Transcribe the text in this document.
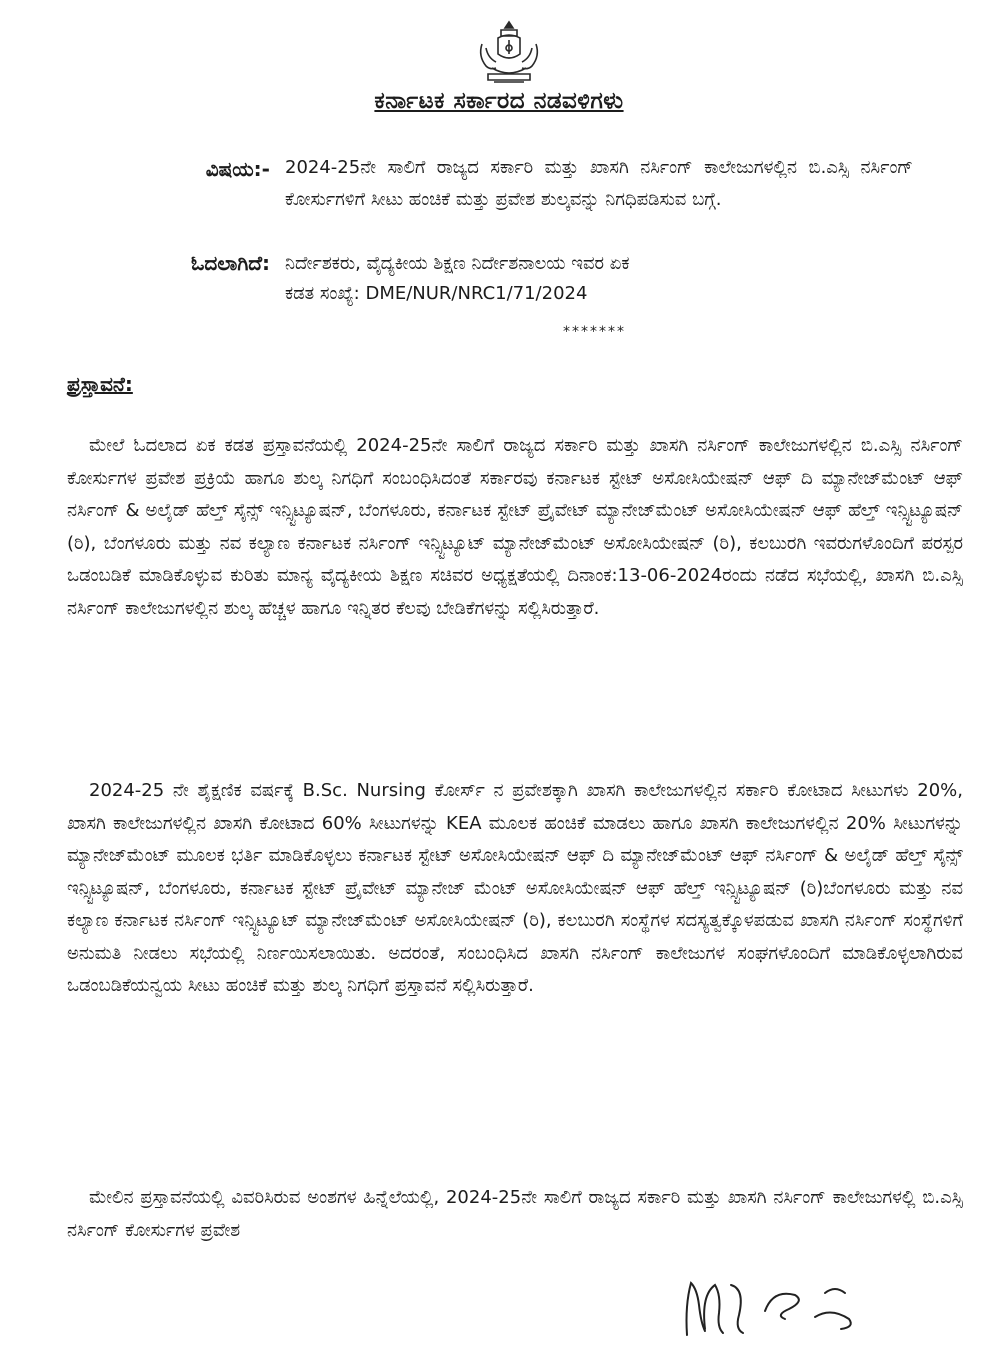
ಕರ್ನಾಟಕ ಸರ್ಕಾರದ ನಡವಳಿಗಳು
ವಿಷಯ:- 2024-25ನೇ ಸಾಲಿಗೆ ರಾಜ್ಯದ ಸರ್ಕಾರಿ ಮತ್ತು ಖಾಸಗಿ ನರ್ಸಿಂಗ್ ಕಾಲೇಜುಗಳಲ್ಲಿನ ಬಿ.ಎಸ್ಸಿ ನರ್ಸಿಂಗ್ ಕೋರ್ಸುಗಳಿಗೆ ಸೀಟು ಹಂಚಿಕೆ ಮತ್ತು ಪ್ರವೇಶ ಶುಲ್ಕವನ್ನು ನಿಗಧಿಪಡಿಸುವ ಬಗ್ಗೆ.
ಓದಲಾಗಿದೆ: ನಿರ್ದೇಶಕರು, ವೈದ್ಯಕೀಯ ಶಿಕ್ಷಣ ನಿರ್ದೇಶನಾಲಯ ಇವರ ಏಕ
ಕಡತ ಸಂಖ್ಯೆ: DME/NUR/NRC1/71/2024
*******
ಪ್ರಸ್ತಾವನೆ:
ಮೇಲೆ ಓದಲಾದ ಏಕ ಕಡತ ಪ್ರಸ್ತಾವನೆಯಲ್ಲಿ 2024-25ನೇ ಸಾಲಿಗೆ ರಾಜ್ಯದ ಸರ್ಕಾರಿ ಮತ್ತು ಖಾಸಗಿ ನರ್ಸಿಂಗ್ ಕಾಲೇಜುಗಳಲ್ಲಿನ ಬಿ.ಎಸ್ಸಿ ನರ್ಸಿಂಗ್ ಕೋರ್ಸುಗಳ ಪ್ರವೇಶ ಪ್ರಕ್ರಿಯೆ ಹಾಗೂ ಶುಲ್ಕ ನಿಗಧಿಗೆ ಸಂಬಂಧಿಸಿದಂತೆ ಸರ್ಕಾರವು ಕರ್ನಾಟಕ ಸ್ಟೇಟ್ ಅಸೋಸಿಯೇಷನ್ ಆಫ್ ದಿ ಮ್ಯಾನೇಜ್‌ಮೆಂಟ್ ಆಫ್ ನರ್ಸಿಂಗ್ & ಅಲೈಡ್ ಹೆಲ್ತ್ ಸೈನ್ಸ್ ಇನ್ಸ್ಟಿಟ್ಯೂಷನ್, ಬೆಂಗಳೂರು, ಕರ್ನಾಟಕ ಸ್ಟೇಟ್ ಪ್ರೈವೇಟ್ ಮ್ಯಾನೇಜ್‌ಮೆಂಟ್ ಅಸೋಸಿಯೇಷನ್ ಆಫ್ ಹೆಲ್ತ್ ಇನ್ಸ್ಟಿಟ್ಯೂಷನ್ (ರಿ), ಬೆಂಗಳೂರು ಮತ್ತು ನವ ಕಲ್ಯಾಣ ಕರ್ನಾಟಕ ನರ್ಸಿಂಗ್ ಇನ್ಸ್ಟಿಟ್ಯೂಟ್ ಮ್ಯಾನೇಜ್‌ಮೆಂಟ್ ಅಸೋಸಿಯೇಷನ್ (ರಿ), ಕಲಬುರಗಿ ಇವರುಗಳೊಂದಿಗೆ ಪರಸ್ಪರ ಒಡಂಬಡಿಕೆ ಮಾಡಿಕೊಳ್ಳುವ ಕುರಿತು ಮಾನ್ಯ ವೈದ್ಯಕೀಯ ಶಿಕ್ಷಣ ಸಚಿವರ ಅಧ್ಯಕ್ಷತೆಯಲ್ಲಿ ದಿನಾಂಕ:13-06-2024ರಂದು ನಡೆದ ಸಭೆಯಲ್ಲಿ, ಖಾಸಗಿ ಬಿ.ಎಸ್ಸಿ ನರ್ಸಿಂಗ್ ಕಾಲೇಜುಗಳಲ್ಲಿನ ಶುಲ್ಕ ಹೆಚ್ಚಳ ಹಾಗೂ ಇನ್ನಿತರ ಕೆಲವು ಬೇಡಿಕೆಗಳನ್ನು ಸಲ್ಲಿಸಿರುತ್ತಾರೆ.
2024-25 ನೇ ಶೈಕ್ಷಣಿಕ ವರ್ಷಕ್ಕೆ B.Sc. Nursing ಕೋರ್ಸ್ ನ ಪ್ರವೇಶಕ್ಕಾಗಿ ಖಾಸಗಿ ಕಾಲೇಜುಗಳಲ್ಲಿನ ಸರ್ಕಾರಿ ಕೋಟಾದ ಸೀಟುಗಳು 20%, ಖಾಸಗಿ ಕಾಲೇಜುಗಳಲ್ಲಿನ ಖಾಸಗಿ ಕೋಟಾದ 60% ಸೀಟುಗಳನ್ನು KEA ಮೂಲಕ ಹಂಚಿಕೆ ಮಾಡಲು ಹಾಗೂ ಖಾಸಗಿ ಕಾಲೇಜುಗಳಲ್ಲಿನ 20% ಸೀಟುಗಳನ್ನು ಮ್ಯಾನೇಜ್‌ಮೆಂಟ್ ಮೂಲಕ ಭರ್ತಿ ಮಾಡಿಕೊಳ್ಳಲು ಕರ್ನಾಟಕ ಸ್ಟೇಟ್ ಅಸೋಸಿಯೇಷನ್ ಆಫ್ ದಿ ಮ್ಯಾನೇಜ್‌ಮೆಂಟ್ ಆಫ್ ನರ್ಸಿಂಗ್ & ಅಲೈಡ್ ಹೆಲ್ತ್ ಸೈನ್ಸ್ ಇನ್ಸ್ಟಿಟ್ಯೂಷನ್, ಬೆಂಗಳೂರು, ಕರ್ನಾಟಕ ಸ್ಟೇಟ್ ಪ್ರೈವೇಟ್ ಮ್ಯಾನೇಜ್ ಮೆಂಟ್ ಅಸೋಸಿಯೇಷನ್ ಆಫ್ ಹೆಲ್ತ್ ಇನ್ಸ್ಟಿಟ್ಯೂಷನ್ (ರಿ)ಬೆಂಗಳೂರು ಮತ್ತು ನವ ಕಲ್ಯಾಣ ಕರ್ನಾಟಕ ನರ್ಸಿಂಗ್ ಇನ್ಸ್ಟಿಟ್ಯೂಟ್ ಮ್ಯಾನೇಜ್‌ಮೆಂಟ್ ಅಸೋಸಿಯೇಷನ್ (ರಿ), ಕಲಬುರಗಿ ಸಂಸ್ಥೆಗಳ ಸದಸ್ಯತ್ವಕ್ಕೊಳಪಡುವ ಖಾಸಗಿ ನರ್ಸಿಂಗ್ ಸಂಸ್ಥೆಗಳಿಗೆ ಅನುಮತಿ ನೀಡಲು ಸಭೆಯಲ್ಲಿ ನಿರ್ಣಯಿಸಲಾಯಿತು. ಅದರಂತೆ, ಸಂಬಂಧಿಸಿದ ಖಾಸಗಿ ನರ್ಸಿಂಗ್ ಕಾಲೇಜುಗಳ ಸಂಘಗಳೊಂದಿಗೆ ಮಾಡಿಕೊಳ್ಳಲಾಗಿರುವ ಒಡಂಬಡಿಕೆಯನ್ವಯ ಸೀಟು ಹಂಚಿಕೆ ಮತ್ತು ಶುಲ್ಕ ನಿಗಧಿಗೆ ಪ್ರಸ್ತಾವನೆ ಸಲ್ಲಿಸಿರುತ್ತಾರೆ.
ಮೇಲಿನ ಪ್ರಸ್ತಾವನೆಯಲ್ಲಿ ವಿವರಿಸಿರುವ ಅಂಶಗಳ ಹಿನ್ನೆಲೆಯಲ್ಲಿ, 2024-25ನೇ ಸಾಲಿಗೆ ರಾಜ್ಯದ ಸರ್ಕಾರಿ ಮತ್ತು ಖಾಸಗಿ ನರ್ಸಿಂಗ್ ಕಾಲೇಜುಗಳಲ್ಲಿ ಬಿ.ಎಸ್ಸಿ ನರ್ಸಿಂಗ್ ಕೋರ್ಸುಗಳ ಪ್ರವೇಶ
